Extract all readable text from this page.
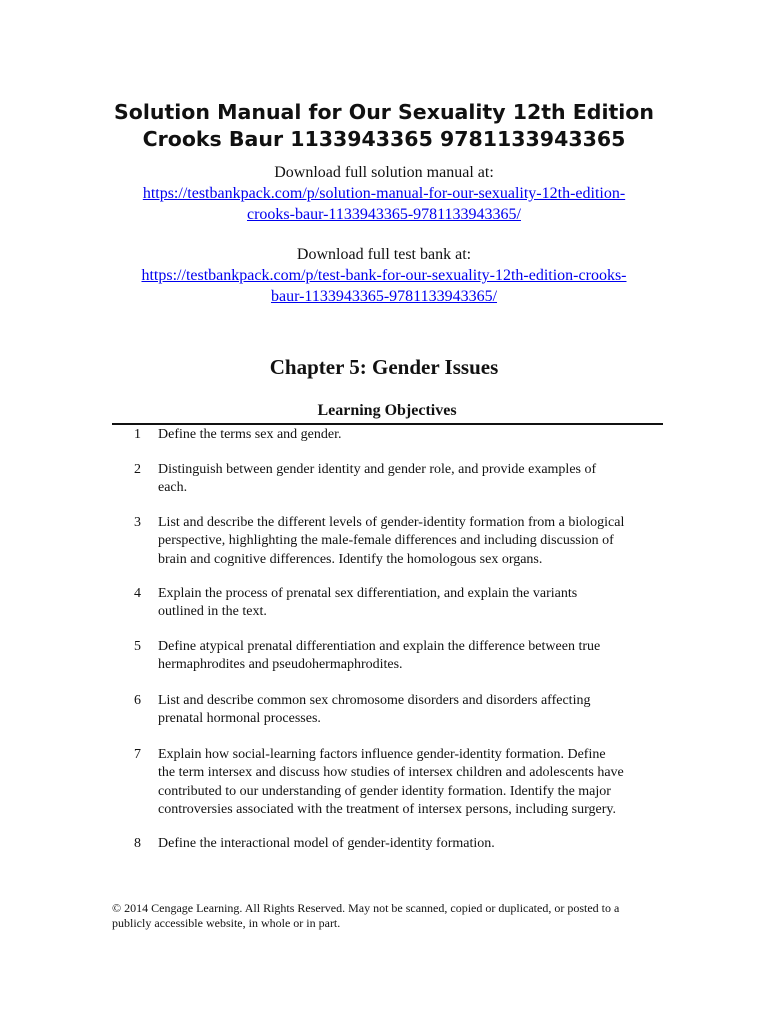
Solution Manual for Our Sexuality 12th Edition
Crooks Baur 1133943365 9781133943365
Download full solution manual at:
https://testbankpack.com/p/solution-manual-for-our-sexuality-12th-edition-
crooks-baur-1133943365-9781133943365/
Download full test bank at:
https://testbankpack.com/p/test-bank-for-our-sexuality-12th-edition-crooks-
baur-1133943365-9781133943365/
Chapter 5: Gender Issues
Learning Objectives
1	Define the terms sex and gender.
2	Distinguish between gender identity and gender role, and provide examples of
each.
3	List and describe the different levels of gender-identity formation from a biological
perspective, highlighting the male-female differences and including discussion of
brain and cognitive differences. Identify the homologous sex organs.
4	Explain the process of prenatal sex differentiation, and explain the variants
outlined in the text.
5	Define atypical prenatal differentiation and explain the difference between true
hermaphrodites and pseudohermaphrodites.
6	List and describe common sex chromosome disorders and disorders affecting
prenatal hormonal processes.
7	Explain how social-learning factors influence gender-identity formation. Define
the term intersex and discuss how studies of intersex children and adolescents have
contributed to our understanding of gender identity formation. Identify the major
controversies associated with the treatment of intersex persons, including surgery.
8	Define the interactional model of gender-identity formation.
© 2014 Cengage Learning. All Rights Reserved. May not be scanned, copied or duplicated, or posted to a
publicly accessible website, in whole or in part.
